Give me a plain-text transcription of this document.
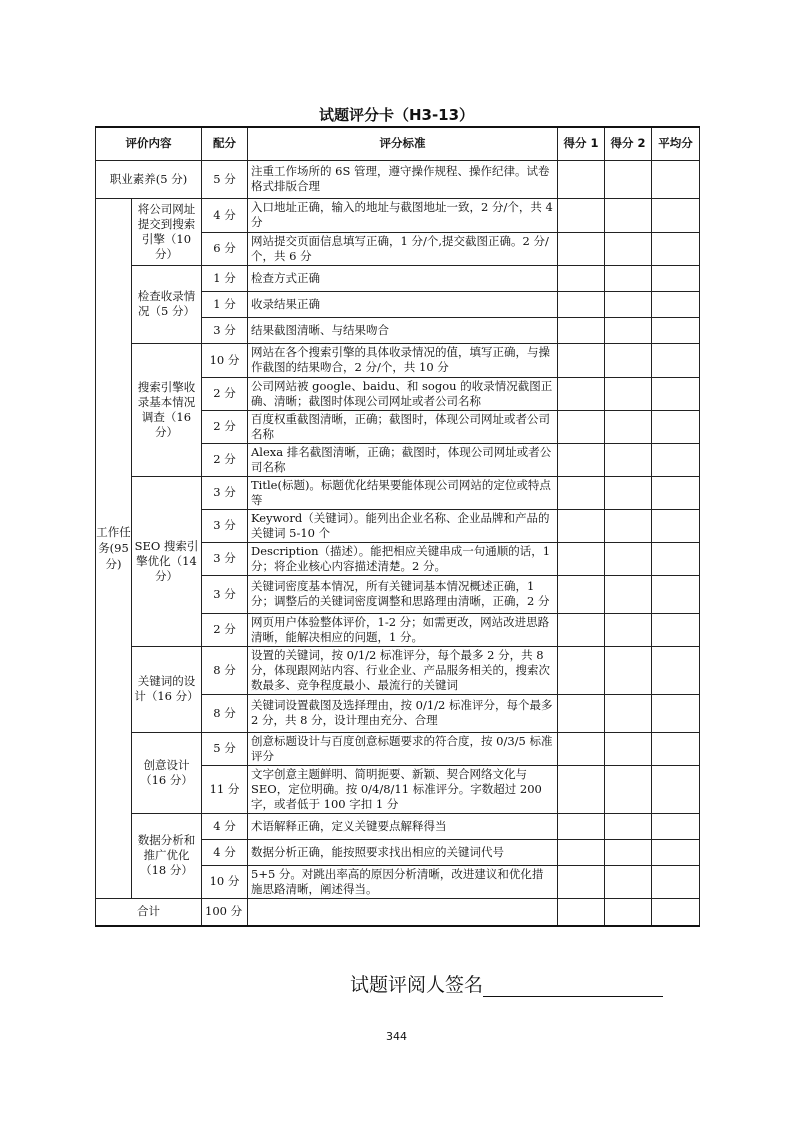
试题评分卡（H3-13）
评价内容		配分	评分标准	得分 1	得分 2	平均分
职业素养(5 分)		5 分	注重工作场所的 6S 管理，遵守操作规程、操作纪律。试卷格式排版合理			
工作任务(95分)	将公司网址提交到搜索引擎（10 分）	4 分	入口地址正确，输入的地址与截图地址一致，2 分/个，共 4 分			
		6 分	网站提交页面信息填写正确，1 分/个,提交截图正确。2 分/个，共 6 分			
	检查收录情况（5 分）	1 分	检查方式正确			
		1 分	收录结果正确			
		3 分	结果截图清晰、与结果吻合			
	搜索引擎收录基本情况调查（16 分）	10 分	网站在各个搜索引擎的具体收录情况的值，填写正确，与操作截图的结果吻合，2 分/个，共 10 分			
		2 分	公司网站被 google、baidu、和 sogou 的收录情况截图正确、清晰；截图时体现公司网址或者公司名称			
		2 分	百度权重截图清晰，正确；截图时，体现公司网址或者公司名称			
		2 分	Alexa 排名截图清晰，正确；截图时，体现公司网址或者公司名称			
	SEO 搜索引擎优化（14 分）	3 分	Title(标题)。标题优化结果要能体现公司网站的定位或特点等			
		3 分	Keyword（关键词）。能列出企业名称、企业品牌和产品的关键词 5-10 个			
		3 分	Description（描述）。能把相应关键串成一句通顺的话，1 分；将企业核心内容描述清楚。2 分。			
		3 分	关键词密度基本情况，所有关键词基本情况概述正确，1 分；调整后的关键词密度调整和思路理由清晰，正确，2 分			
		2 分	网页用户体验整体评价，1-2 分；如需更改，网站改进思路清晰，能解决相应的问题，1 分。			
	关键词的设计（16 分）	8 分	设置的关键词，按 0/1/2 标准评分，每个最多 2 分，共 8 分，体现跟网站内容、行业企业、产品服务相关的，搜索次数最多、竞争程度最小、最流行的关键词			
		8 分	关键词设置截图及选择理由，按 0/1/2 标准评分，每个最多 2 分，共 8 分，设计理由充分、合理			
	创意设计（16 分）	5 分	创意标题设计与百度创意标题要求的符合度，按 0/3/5 标准评分			
		11 分	文字创意主题鲜明、简明扼要、新颖、契合网络文化与 SEO，定位明确。按 0/4/8/11 标准评分。字数超过 200 字，或者低于 100 字扣 1 分			
	数据分析和推广优化（18 分）	4 分	术语解释正确，定义关键要点解释得当			
		4 分	数据分析正确，能按照要求找出相应的关键词代号			
		10 分	5+5 分。对跳出率高的原因分析清晰，改进建议和优化措施思路清晰，阐述得当。			
合计		100 分				
试题评阅人签名
344
